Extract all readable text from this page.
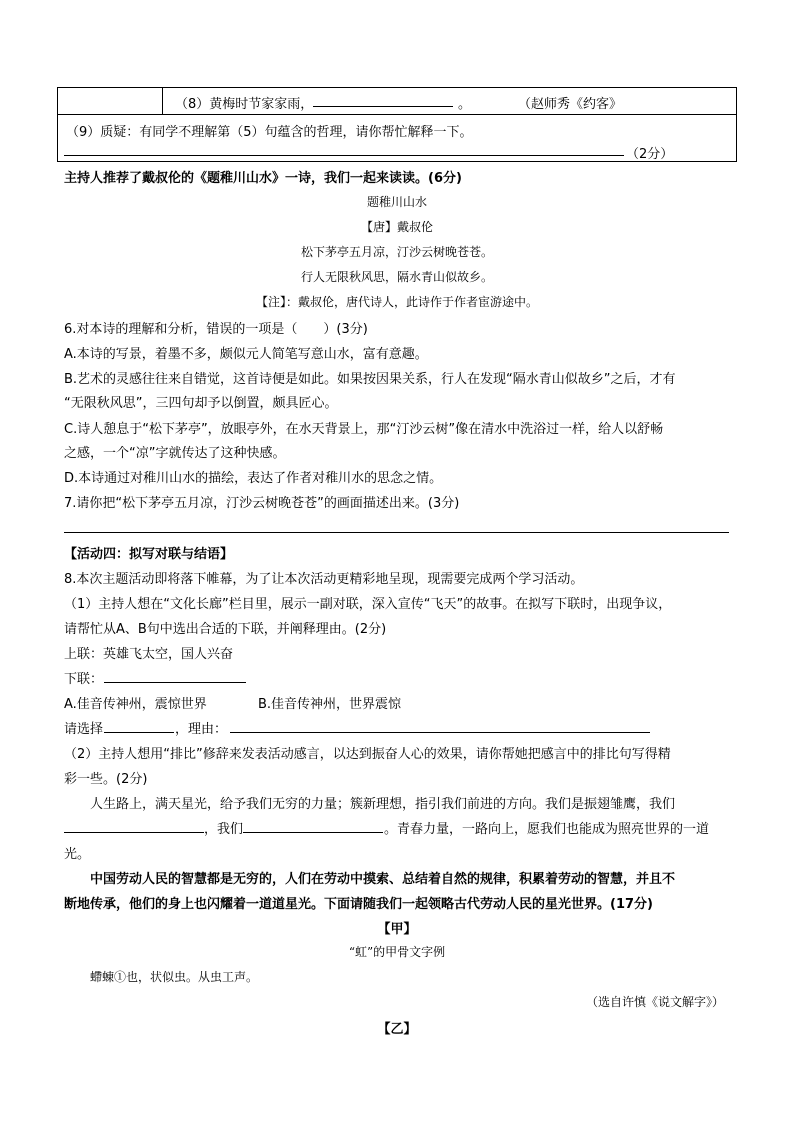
（8）黄梅时节家家雨，	。	（赵师秀《约客》

（9）质疑：有同学不理解第（5）句蕴含的哲理，请你帮忙解释一下。
（2分）
主持人推荐了戴叔伦的《题稚川山水》一诗，我们一起来读读。(6分)
题稚川山水
【唐】戴叔伦
松下茅亭五月凉，汀沙云树晚苍苍。
行人无限秋风思，隔水青山似故乡。
【注】：戴叔伦，唐代诗人，此诗作于作者宦游途中。
6.对本诗的理解和分析，错误的一项是（　　）(3分)
A.本诗的写景，着墨不多，颇似元人简笔写意山水，富有意趣。
B.艺术的灵感往往来自错觉，这首诗便是如此。如果按因果关系，行人在发现“隔水青山似故乡”之后，才有
“无限秋风思”，三四句却予以倒置，颇具匠心。
C.诗人憩息于“松下茅亭”，放眼亭外，在水天背景上，那“汀沙云树”像在清水中洗浴过一样，给人以舒畅
之感，一个“凉”字就传达了这种快感。
D.本诗通过对稚川山水的描绘，表达了作者对稚川水的思念之情。
7.请你把“松下茅亭五月凉，汀沙云树晚苍苍”的画面描述出来。(3分)
【活动四：拟写对联与结语】
8.本次主题活动即将落下帷幕，为了让本次活动更精彩地呈现，现需要完成两个学习活动。
（1）主持人想在“文化长廊”栏目里，展示一副对联，深入宣传“飞天”的故事。在拟写下联时，出现争议，
请帮忙从A、B句中选出合适的下联，并阐释理由。(2分)
上联：英雄飞太空，国人兴奋
下联：
A.佳音传神州，震惊世界	B.佳音传神州，世界震惊
请选择	，理由：
（2）主持人想用“排比”修辞来发表活动感言，以达到振奋人心的效果，请你帮她把感言中的排比句写得精
彩一些。(2分)
人生路上，满天星光，给予我们无穷的力量；簇新理想，指引我们前进的方向。我们是振翅雏鹰，我们
，我们	。青春力量，一路向上，愿我们也能成为照亮世界的一道
光。
中国劳动人民的智慧都是无穷的，人们在劳动中摸索、总结着自然的规律，积累着劳动的智慧，并且不
断地传承，他们的身上也闪耀着一道道星光。下面请随我们一起领略古代劳动人民的星光世界。(17分)
【甲】
“虹”的甲骨文字例
螮蝀①也，状似虫。从虫工声。
（选自许慎《说文解字》）
【乙】
